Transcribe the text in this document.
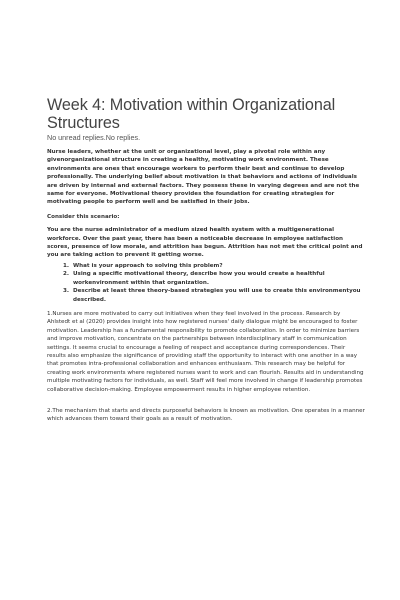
Week 4: Motivation within Organizational Structures
No unread replies.No replies.
Nurse leaders, whether at the unit or organizational level, play a pivotal role within any givenorganizational structure in creating a healthy, motivating work environment. These environments are ones that encourage workers to perform their best and continue to develop professionally. The underlying belief about motivation is that behaviors and actions of individuals are driven by internal and external factors. They possess these in varying degrees and are not the same for everyone. Motivational theory provides the foundation for creating strategies for motivating people to perform well and be satisfied in their jobs.
Consider this scenario:
You are the nurse administrator of a medium sized health system with a multigenerational workforce. Over the past year, there has been a noticeable decrease in employee satisfaction scores, presence of low morale, and attrition has begun. Attrition has not met the critical point and you are taking action to prevent it getting worse.
1. What is your approach to solving this problem?
2. Using a specific motivational theory, describe how you would create a healthful workenvironment within that organization.
3. Describe at least three theory-based strategies you will use to create this environmentyou described.
1.Nurses are more motivated to carry out initiatives when they feel involved in the process. Research by Ahlstedt et al (2020) provides insight into how registered nurses' daily dialogue might be encouraged to foster motivation. Leadership has a fundamental responsibility to promote collaboration. In order to minimize barriers and improve motivation, concentrate on the partnerships between interdisciplinary staff in communication settings. It seems crucial to encourage a feeling of respect and acceptance during correspondences. Their results also emphasize the significance of providing staff the opportunity to interact with one another in a way that promotes intra-professional collaboration and enhances enthusiasm. This research may be helpful for creating work environments where registered nurses want to work and can flourish. Results aid in understanding multiple motivating factors for individuals, as well. Staff will feel more involved in change if leadership promotes collaborative decision-making. Employee empowerment results in higher employee retention.
2.The mechanism that starts and directs purposeful behaviors is known as motivation. One operates in a manner which advances them toward their goals as a result of motivation.
